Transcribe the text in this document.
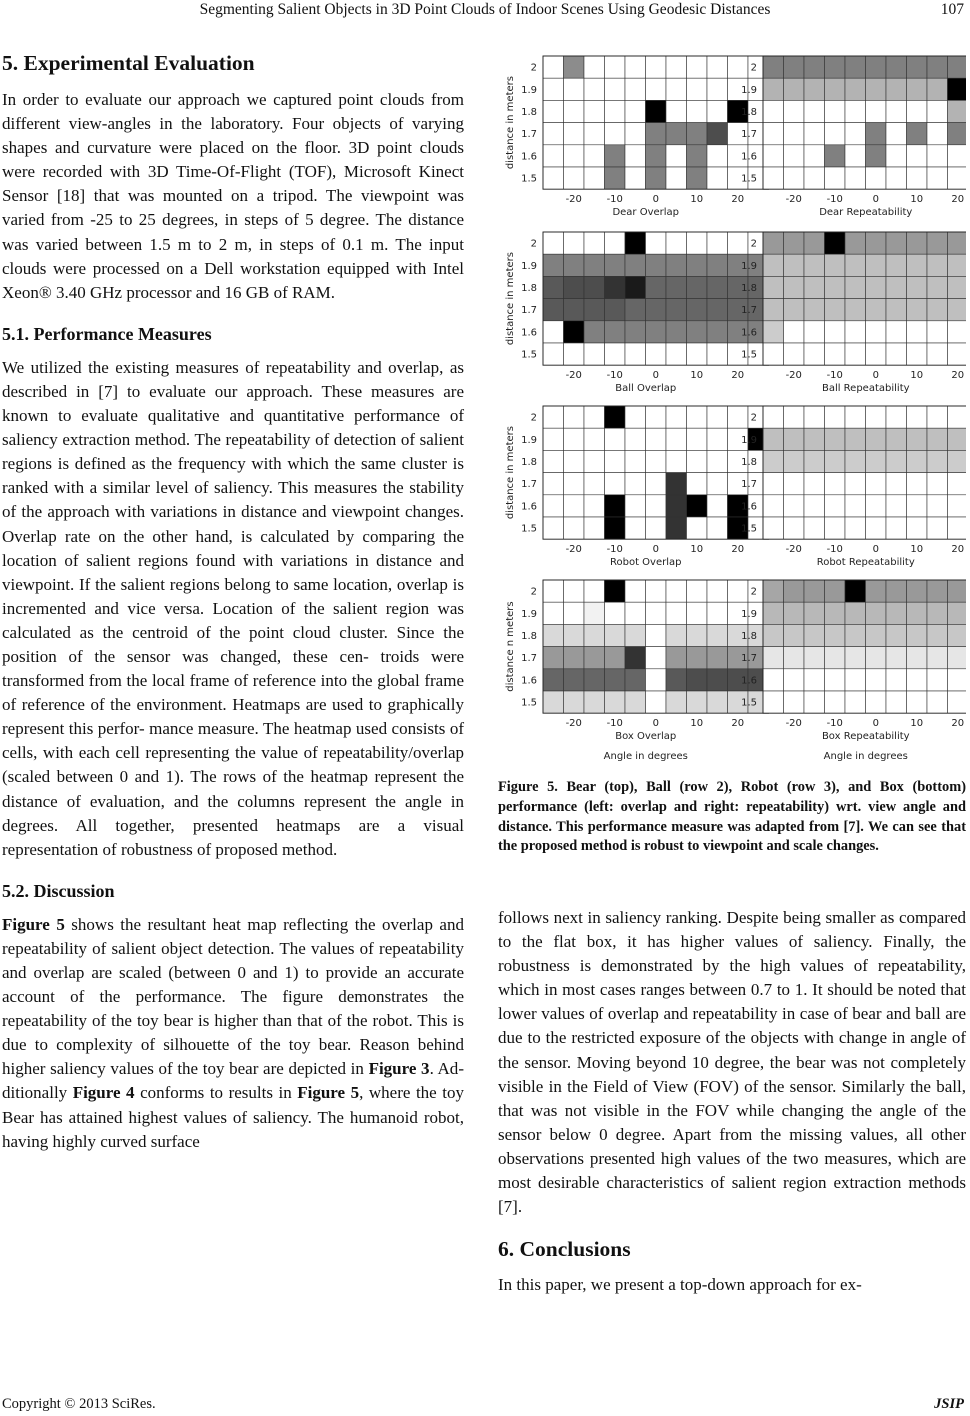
Segmenting Salient Objects in 3D Point Clouds of Indoor Scenes Using Geodesic Distances	107
5. Experimental Evaluation

In order to evaluate our approach we captured point clouds from different view-angles in the laboratory. Four objects of varying shapes and curvature were placed on the floor. 3D point clouds were recorded with 3D Time-Of-Flight (TOF), Microsoft Kinect Sensor [18] that was mounted on a tripod. The viewpoint was varied from -25 to 25 degrees, in steps of 5 degree. The distance was varied between 1.5 m to 2 m, in steps of 0.1 m. The input clouds were processed on a Dell workstation equipped with Intel Xeon® 3.40 GHz processor and 16 GB of RAM.

5.1. Performance Measures

We utilized the existing measures of repeatability and overlap, as described in [7] to evaluate our approach. These measures are known to evaluate qualitative and quantitative performance of saliency extraction method. The repeatability of detection of salient regions is defined as the frequency with which the same cluster is ranked with a similar level of saliency. This measures the stability of the approach with variations in distance and viewpoint changes. Overlap rate on the other hand, is calculated by comparing the location of salient regions found with variations in distance and viewpoint. If the salient regions belong to same location, overlap is incremented and vice versa. Location of the salient region was calculated as the centroid of the point cloud cluster. Since the position of the sensor was changed, these cen- troids were transformed from the local frame of reference into the global frame of reference of the environment. Heatmaps are used to graphically represent this perfor- mance measure. The heatmap used consists of cells, with each cell representing the value of repeatability/overlap (scaled between 0 and 1). The rows of the heatmap represent the distance of evaluation, and the columns represent the angle in degrees. All together, presented heatmaps are a visual representation of robustness of proposed method.

5.2. Discussion

Figure 5 shows the resultant heat map reflecting the overlap and repeatability of salient object detection. The values of repeatability and overlap are scaled (between 0 and 1) to provide an accurate account of the performance. The figure demonstrates the repeatability of the toy bear is higher than that of the robot. This is due to complexity of silhouette of the toy bear. Reason behind higher saliency values of the toy bear are depicted in Figure 3. Additionally Figure 4 conforms to results in Figure 5, where the toy Bear has attained highest values of saliency. The humanoid robot, having highly curved surface

2
1.9
1.8
1.7
1.6
1.5
-20 -10	0	10	20
Dear Overlap
distance in meters
2
1.9
1.8
1.7
1.6
1.5
-20 -10	0	10	20
Dear Repeatability
2
1.9
1.8
1.7
1.6
1.5
-20 -10	0	10	20
Ball Overlap
distance in meters
2
1.9
1.8
1.7
1.6
1.5
-20 -10	0	10	20
Ball Repeatability
2
1.9
1.8
1.7
1.6
1.5
-20 -10	0	10	20
Robot Overlap
distance in meters
2
1.9
1.8
1.7
1.6
1.5
-20 -10	0	10	20
Robot Repeatability
2
1.9
1.8
1.7
1.6
1.5
-20 -10	0	10	20
Box Overlap
distance n meters
Angle in degrees
2
1.9
1.8
1.7
1.6
1.5
-20 -10	0	10	20
Box Repeatability
Angle in degrees

Figure 5. Bear (top), Ball (row 2), Robot (row 3), and Box (bottom) performance (left: overlap and right: repeatability) wrt. view angle and distance. This performance measure was adapted from [7]. We can see that the proposed method is robust to viewpoint and scale changes.

follows next in saliency ranking. Despite being smaller as compared to the flat box, it has higher values of saliency. Finally, the robustness is demonstrated by the high values of repeatability, which in most cases ranges between 0.7 to 1. It should be noted that lower values of overlap and repeatability in case of bear and ball are due to the restricted exposure of the objects with change in angle of the sensor. Moving beyond 10 degree, the bear was not completely visible in the Field of View (FOV) of the sensor. Similarly the ball, that was not visible in the FOV while changing the angle of the sensor below 0 degree. Apart from the missing values, all other observations presented high values of the two measures, which are most desirable characteristics of salient region extraction methods [7].

6. Conclusions

In this paper, we present a top-down approach for ex-

Copyright © 2013 SciRes.	JSIP
